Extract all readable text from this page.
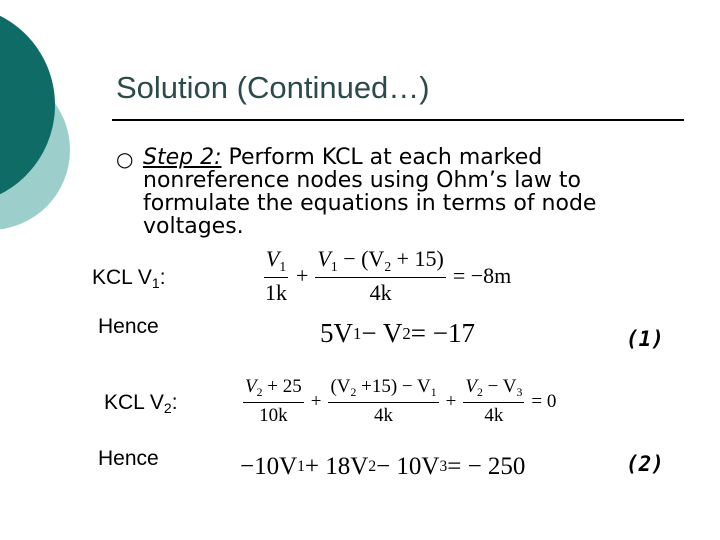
Solution (Continued…)
○ Step 2: Perform KCL at each marked nonreference nodes using Ohm’s law to formulate the equations in terms of node voltages.
KCL $V_1$:	$\frac{V_1}{1k} + \frac{V_1 - (V_2 + 15)}{4k} = -8m$
Hence	5V 1 − V 2 = −17	(1)
KCL $V_2$:	$\frac{V_2 + 25}{10k} + \frac{(V_2 +15) - V_1}{4k} + \frac{V_2 - V_3}{4k} = 0$
Hence	−10V 1 + 18V 2 − 10V 3 = − 250	(2)
